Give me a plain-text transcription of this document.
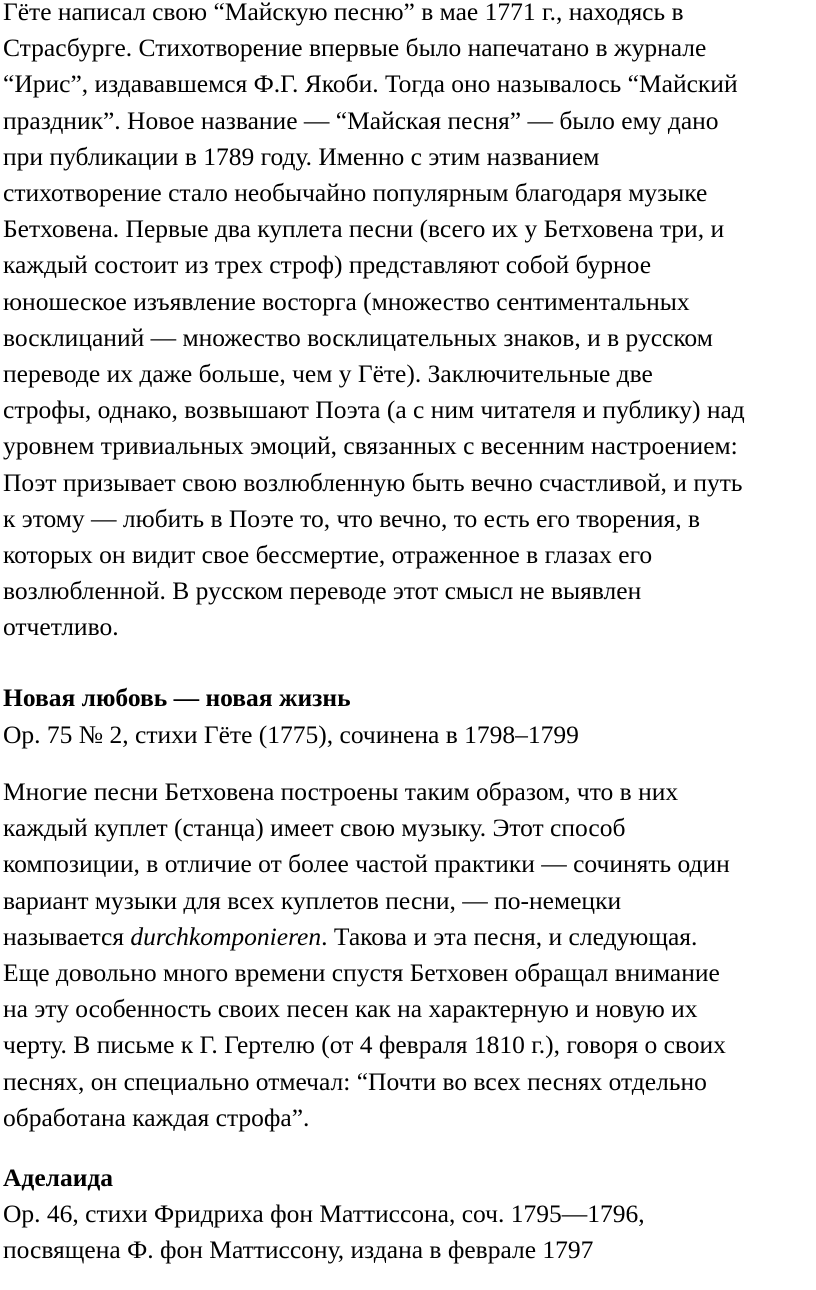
Гёте написал свою “Майскую песню” в мае 1771 г., находясь в
Страсбурге. Стихотворение впервые было напечатано в журнале
“Ирис”, издававшемся Ф.Г. Якоби. Тогда оно называлось “Майский
праздник”. Новое название — “Майская песня” — было ему дано
при публикации в 1789 году. Именно с этим названием
стихотворение стало необычайно популярным благодаря музыке
Бетховена. Первые два куплета песни (всего их у Бетховена три, и
каждый состоит из трех строф) представляют собой бурное
юношеское изъявление восторга (множество сентиментальных
восклицаний — множество восклицательных знаков, и в русском
переводе их даже больше, чем у Гёте). Заключительные две
строфы, однако, возвышают Поэта (а с ним читателя и публику) над
уровнем тривиальных эмоций, связанных с весенним настроением:
Поэт призывает свою возлюбленную быть вечно счастливой, и путь
к этому — любить в Поэте то, что вечно, то есть его творения, в
которых он видит свое бессмертие, отраженное в глазах его
возлюбленной. В русском переводе этот смысл не выявлен
отчетливо.
Новая любовь — новая жизнь
Op. 75 № 2, стихи Гёте (1775), сочинена в 1798–1799
Многие песни Бетховена построены таким образом, что в них
каждый куплет (станца) имеет свою музыку. Этот способ
композиции, в отличие от более частой практики — сочинять один
вариант музыки для всех куплетов песни, — по-немецки
называется durchkomponieren. Такова и эта песня, и следующая.
Еще довольно много времени спустя Бетховен обращал внимание
на эту особенность своих песен как на характерную и новую их
черту. В письме к Г. Гертелю (от 4 февраля 1810 г.), говоря о своих
песнях, он специально отмечал: “Почти во всех песнях отдельно
обработана каждая строфа”.
Аделаида
Op. 46, стихи Фридриха фон Маттиссона, соч. 1795—1796,
посвящена Ф. фон Маттиссону, издана в феврале 1797
